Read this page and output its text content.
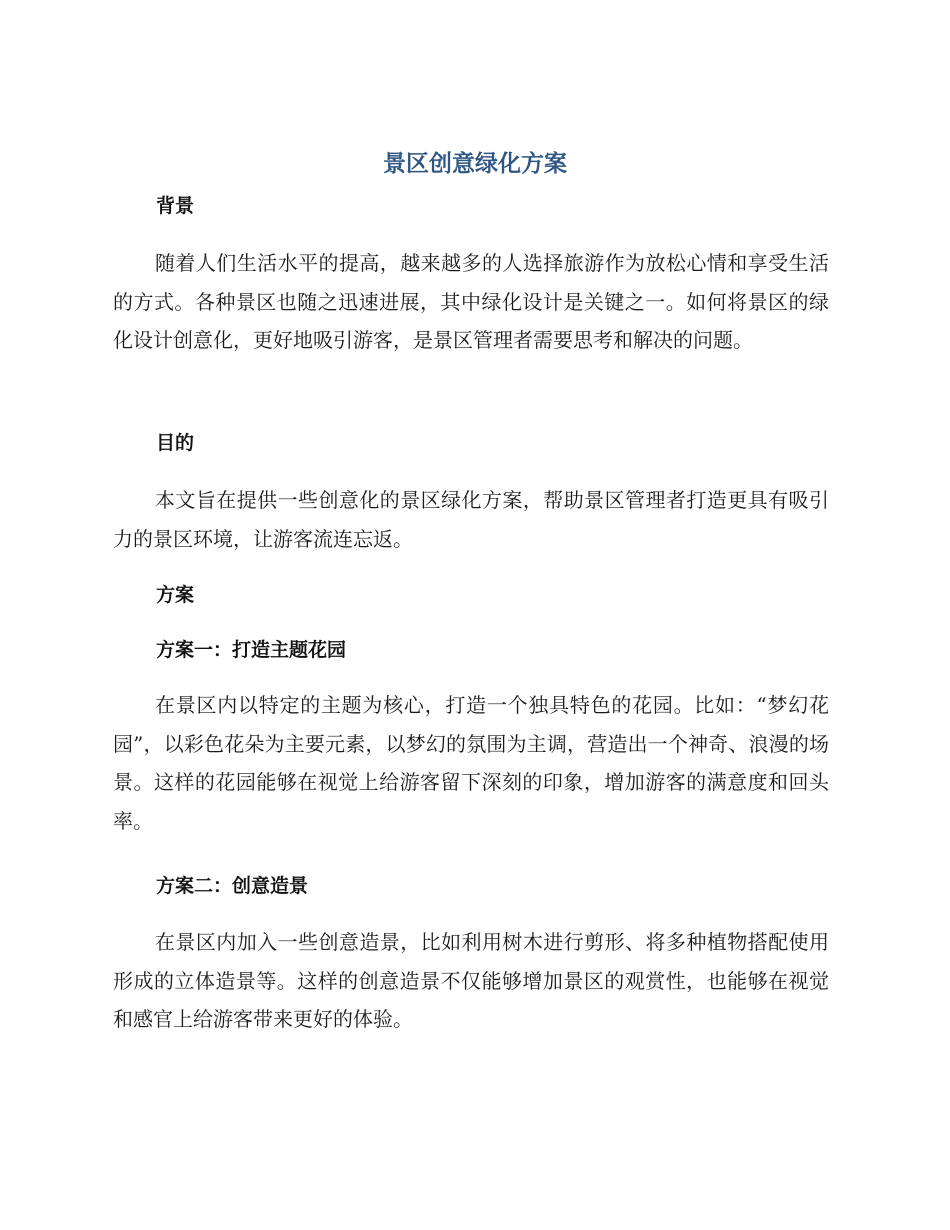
景区创意绿化方案
背景

随着人们生活水平的提高，越来越多的人选择旅游作为放松心情和享受生活的方式。各种景区也随之迅速进展，其中绿化设计是关键之一。如何将景区的绿化设计创意化，更好地吸引游客，是景区管理者需要思考和解决的问题。

目的

本文旨在提供一些创意化的景区绿化方案，帮助景区管理者打造更具有吸引力的景区环境，让游客流连忘返。

方案
方案一：打造主题花园

在景区内以特定的主题为核心，打造一个独具特色的花园。比如：“梦幻花园”，以彩色花朵为主要元素，以梦幻的氛围为主调，营造出一个神奇、浪漫的场景。这样的花园能够在视觉上给游客留下深刻的印象，增加游客的满意度和回头率。

方案二：创意造景

在景区内加入一些创意造景，比如利用树木进行剪形、将多种植物搭配使用形成的立体造景等。这样的创意造景不仅能够增加景区的观赏性，也能够在视觉和感官上给游客带来更好的体验。
